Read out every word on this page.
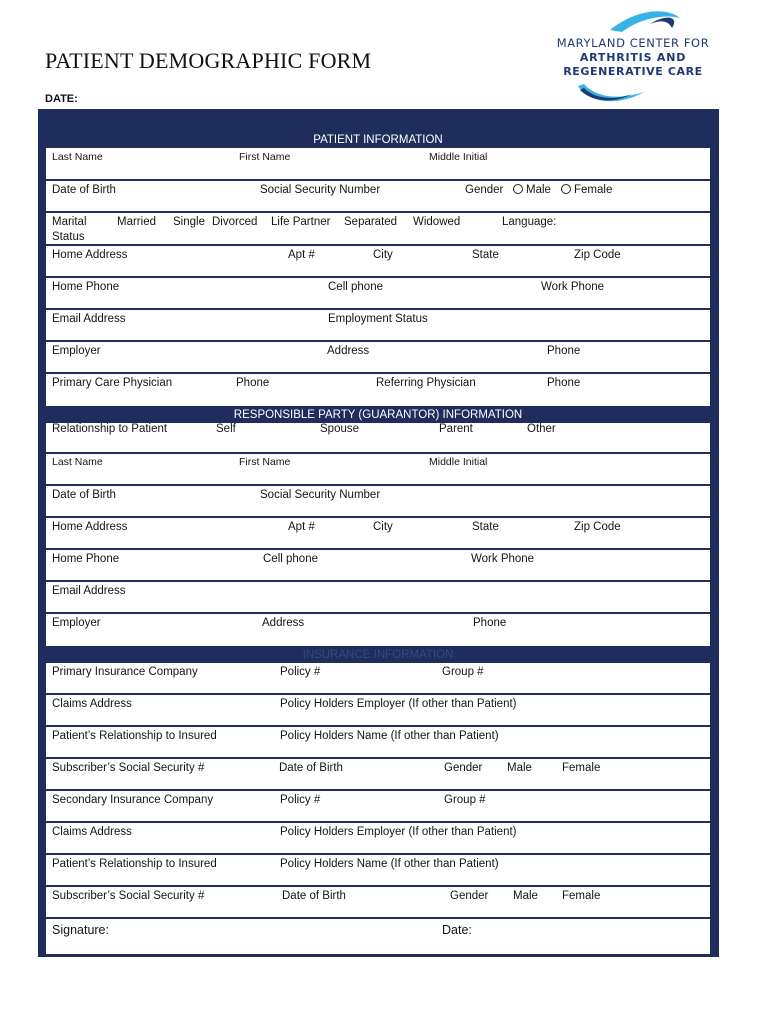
PATIENT DEMOGRAPHIC FORM
DATE:
MARYLAND CENTER FOR
ARTHRITIS AND
REGENERATIVE CARE
PATIENT INFORMATION
Last Name	First Name	Middle Initial
Date of Birth	Social Security Number	Gender	Male	Female
Marital
Status
Married Single Divorced Life Partner Separated Widowed	Language:
Home Address	Apt #	City	State	Zip Code
Home Phone	Cell phone	Work Phone
Email Address	Employment Status
Employer	Address	Phone
Primary Care Physician	Phone	Referring Physician	Phone
RESPONSIBLE PARTY (GUARANTOR) INFORMATION
Relationship to Patient	Self	Spouse	Parent	Other
Last Name	First Name	Middle Initial
Date of Birth	Social Security Number
Home Address	Apt #	City	State	Zip Code
Home Phone	Cell phone	Work Phone
Email Address
Employer	Address	Phone
INSURANCE INFORMATION
Primary Insurance Company	Policy #	Group #
Claims Address	Policy Holders Employer (If other than Patient)
Patient’s Relationship to Insured	Policy Holders Name (If other than Patient)
Subscriber’s Social Security #	Date of Birth	Gender Male	Female
Secondary Insurance Company	Policy #	Group #
Claims Address	Policy Holders Employer (If other than Patient)
Patient’s Relationship to Insured	Policy Holders Name (If other than Patient)
Subscriber’s Social Security #	Date of Birth	Gender Male Female
Signature:	Date:
